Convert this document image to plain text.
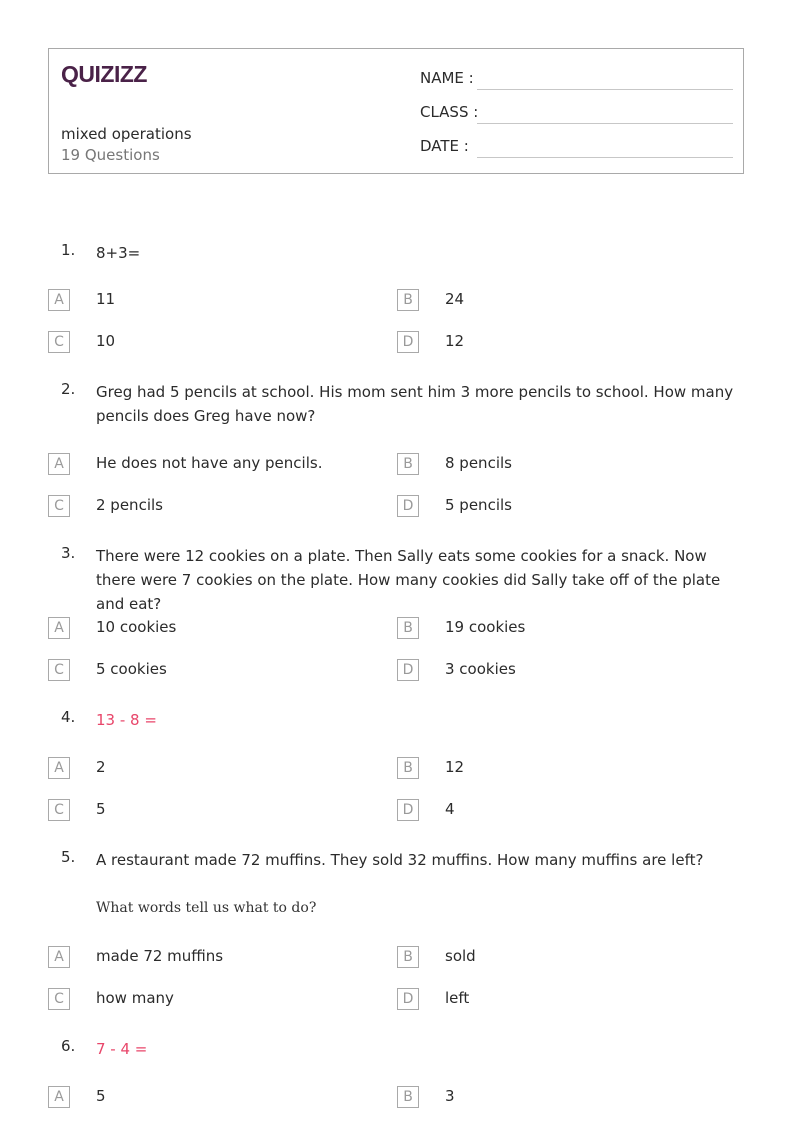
QUIZIZZ
mixed operations
19 Questions
NAME :
CLASS :
DATE :
1. 8+3=
A	11	B	24
C	10	D	12
2. Greg had 5 pencils at school. His mom sent him 3 more pencils to school. How many pencils does Greg have now?
A	He does not have any pencils.	B	8 pencils
C	2 pencils	D	5 pencils
3. There were 12 cookies on a plate. Then Sally eats some cookies for a snack. Now there were 7 cookies on the plate. How many cookies did Sally take off of the plate and eat?
A	10 cookies	B	19 cookies
C	5 cookies	D	3 cookies
4. 13 - 8 =
A	2	B	12
C	5	D	4
5. A restaurant made 72 muffins. They sold 32 muffins. How many muffins are left?
What words tell us what to do?
A	made 72 muffins	B	sold
C	how many	D	left
6. 7 - 4 =
A	5	B	3
